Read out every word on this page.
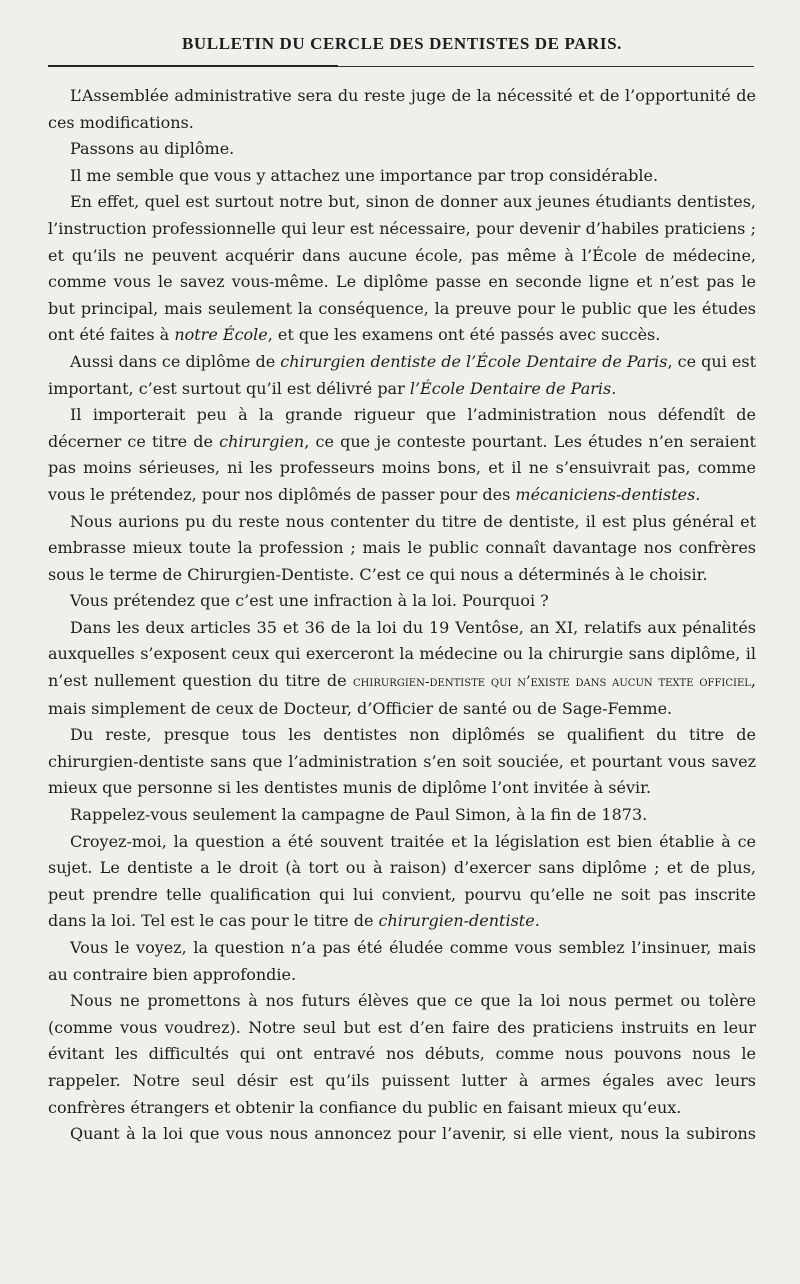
BULLETIN DU CERCLE DES DENTISTES DE PARIS.

L’Assemblée administrative sera du reste juge de la nécessité et de l’opportunité de ces modifications.

Passons au diplôme.

Il me semble que vous y attachez une importance par trop considérable.

En effet, quel est surtout notre but, sinon de donner aux jeunes étudiants dentistes, l’instruction professionnelle qui leur est nécessaire, pour devenir d’habiles praticiens ; et qu’ils ne peuvent acquérir dans aucune école, pas même à l’École de médecine, comme vous le savez vous-même. Le diplôme passe en seconde ligne et n’est pas le but principal, mais seulement la conséquence, la preuve pour le public que les études ont été faites à notre École, et que les examens ont été passés avec succès.

Aussi dans ce diplôme de chirurgien dentiste de l’École Dentaire de Paris, ce qui est important, c’est surtout qu’il est délivré par l’École Dentaire de Paris.

Il importerait peu à la grande rigueur que l’administration nous défendît de décerner ce titre de chirurgien, ce que je conteste pourtant. Les études n’en seraient pas moins sérieuses, ni les professeurs moins bons, et il ne s’ensuivrait pas, comme vous le prétendez, pour nos diplômés de passer pour des mécaniciens-dentistes.

Nous aurions pu du reste nous contenter du titre de dentiste, il est plus général et embrasse mieux toute la profession ; mais le public connaît davantage nos confrères sous le terme de Chirurgien-Dentiste. C’est ce qui nous a déterminés à le choisir.

Vous prétendez que c’est une infraction à la loi. Pourquoi ?

Dans les deux articles 35 et 36 de la loi du 19 Ventôse, an XI, relatifs aux pénalités auxquelles s’exposent ceux qui exerceront la médecine ou la chirurgie sans diplôme, il n’est nullement question du titre de chirurgien-dentiste qui n’existe dans aucun texte officiel, mais simplement de ceux de Docteur, d’Officier de santé ou de Sage-Femme.

Du reste, presque tous les dentistes non diplômés se qualifient du titre de chirurgien-dentiste sans que l’administration s’en soit souciée, et pourtant vous savez mieux que personne si les dentistes munis de diplôme l’ont invitée à sévir.

Rappelez-vous seulement la campagne de Paul Simon, à la fin de 1873.

Croyez-moi, la question a été souvent traitée et la législation est bien établie à ce sujet. Le dentiste a le droit (à tort ou à raison) d’exercer sans diplôme ; et de plus, peut prendre telle qualification qui lui convient, pourvu qu’elle ne soit pas inscrite dans la loi. Tel est le cas pour le titre de chirurgien-dentiste.

Vous le voyez, la question n’a pas été éludée comme vous semblez l’insinuer, mais au contraire bien approfondie.

Nous ne promettons à nos futurs élèves que ce que la loi nous permet ou tolère (comme vous voudrez). Notre seul but est d’en faire des praticiens instruits en leur évitant les difficultés qui ont entravé nos débuts, comme nous pouvons nous le rappeler. Notre seul désir est qu’ils puissent lutter à armes égales avec leurs confrères étrangers et obtenir la confiance du public en faisant mieux qu’eux.

Quant à la loi que vous nous annoncez pour l’avenir, si elle vient, nous la subirons
